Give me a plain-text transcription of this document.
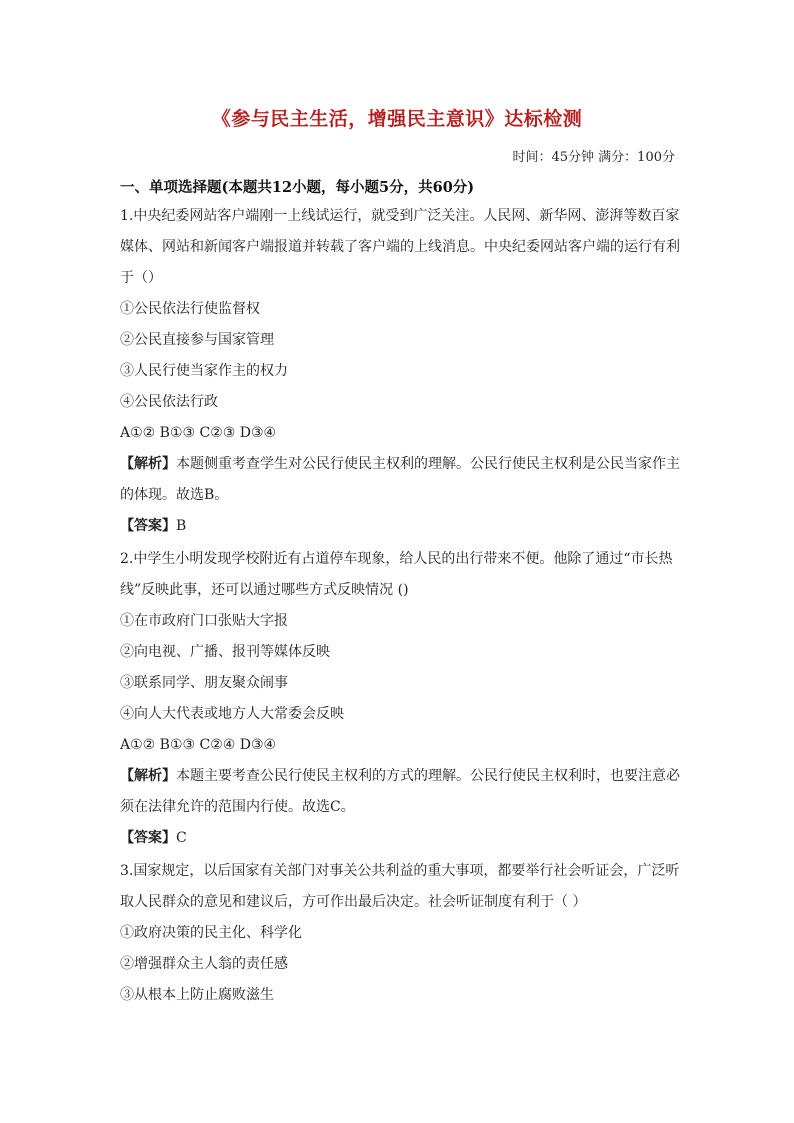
《参与民主生活，增强民主意识》达标检测
时间：45分钟 满分：100分
一、单项选择题(本题共12小题，每小题5分，共60分)
1.中央纪委网站客户端刚一上线试运行，就受到广泛关注。人民网、新华网、澎湃等数百家
媒体、网站和新闻客户端报道并转载了客户端的上线消息。中央纪委网站客户端的运行有利
于（）
①公民依法行使监督权
②公民直接参与国家管理
③人民行使当家作主的权力
④公民依法行政
A①② B①③ C②③ D③④
【解析】本题侧重考查学生对公民行使民主权利的理解。公民行使民主权利是公民当家作主
的体现。故选B。
【答案】B
2.中学生小明发现学校附近有占道停车现象，给人民的出行带来不便。他除了通过“市长热
线”反映此事，还可以通过哪些方式反映情况 ()
①在市政府门口张贴大字报
②向电视、广播、报刊等媒体反映
③联系同学、朋友聚众闹事
④向人大代表或地方人大常委会反映
A①② B①③ C②④ D③④
【解析】本题主要考查公民行使民主权利的方式的理解。公民行使民主权利时，也要注意必
须在法律允许的范围内行使。故选C。
【答案】C
3.国家规定，以后国家有关部门对事关公共利益的重大事项，都要举行社会听证会，广泛听
取人民群众的意见和建议后，方可作出最后决定。社会听证制度有利于（ ）
①政府决策的民主化、科学化
②增强群众主人翁的责任感
③从根本上防止腐败滋生
